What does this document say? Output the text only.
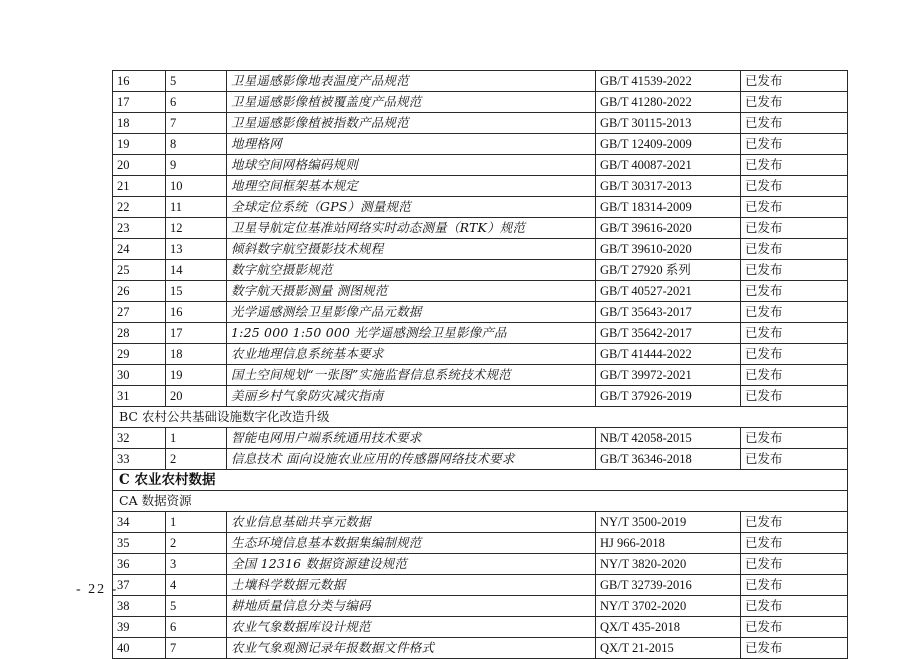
16	5	卫星遥感影像地表温度产品规范	GB/T 41539-2022	已发布
17	6	卫星遥感影像植被覆盖度产品规范	GB/T 41280-2022	已发布
18	7	卫星遥感影像植被指数产品规范	GB/T 30115-2013	已发布
19	8	地理格网	GB/T 12409-2009	已发布
20	9	地球空间网格编码规则	GB/T 40087-2021	已发布
21	10	地理空间框架基本规定	GB/T 30317-2013	已发布
22	11	全球定位系统（GPS）测量规范	GB/T 18314-2009	已发布
23	12	卫星导航定位基准站网络实时动态测量（RTK）规范	GB/T 39616-2020	已发布
24	13	倾斜数字航空摄影技术规程	GB/T 39610-2020	已发布
25	14	数字航空摄影规范	GB/T 27920 系列	已发布
26	15	数字航天摄影测量 测图规范	GB/T 40527-2021	已发布
27	16	光学遥感测绘卫星影像产品元数据	GB/T 35643-2017	已发布
28	17	1:25 000 1:50 000 光学遥感测绘卫星影像产品	GB/T 35642-2017	已发布
29	18	农业地理信息系统基本要求	GB/T 41444-2022	已发布
30	19	国土空间规划“一张图”实施监督信息系统技术规范	GB/T 39972-2021	已发布
31	20	美丽乡村气象防灾减灾指南	GB/T 37926-2019	已发布
BC 农村公共基础设施数字化改造升级				
32	1	智能电网用户端系统通用技术要求	NB/T 42058-2015	已发布
33	2	信息技术 面向设施农业应用的传感器网络技术要求	GB/T 36346-2018	已发布
C 农业农村数据				
CA 数据资源				
34	1	农业信息基础共享元数据	NY/T 3500-2019	已发布
35	2	生态环境信息基本数据集编制规范	HJ 966-2018	已发布
36	3	全国 12316 数据资源建设规范	NY/T 3820-2020	已发布
37	4	土壤科学数据元数据	GB/T 32739-2016	已发布
38	5	耕地质量信息分类与编码	NY/T 3702-2020	已发布
39	6	农业气象数据库设计规范	QX/T 435-2018	已发布
40	7	农业气象观测记录年报数据文件格式	QX/T 21-2015	已发布
- 22 -
